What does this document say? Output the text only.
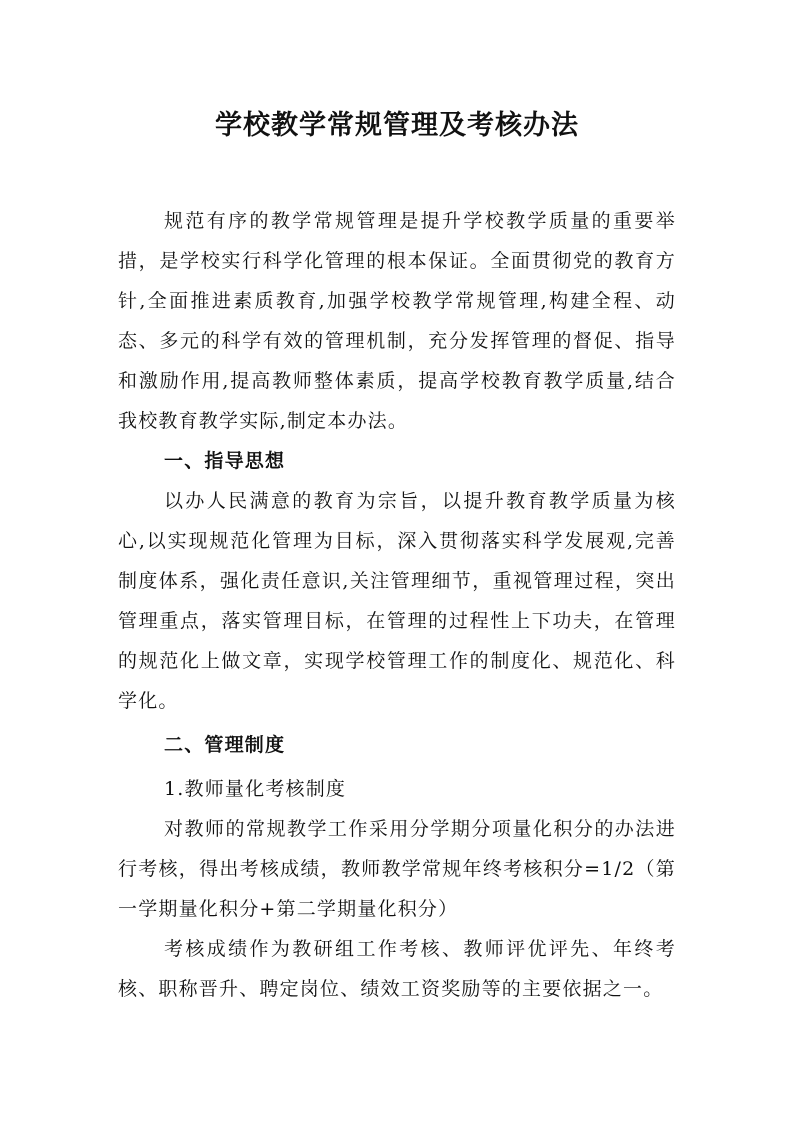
学校教学常规管理及考核办法

规范有序的教学常规管理是提升学校教学质量的重要举措，是学校实行科学化管理的根本保证。全面贯彻党的教育方针,全面推进素质教育,加强学校教学常规管理,构建全程、动态、多元的科学有效的管理机制，充分发挥管理的督促、指导和激励作用,提高教师整体素质，提高学校教育教学质量,结合我校教育教学实际,制定本办法。

一、指导思想

以办人民满意的教育为宗旨，以提升教育教学质量为核心,以实现规范化管理为目标，深入贯彻落实科学发展观,完善制度体系，强化责任意识,关注管理细节，重视管理过程，突出管理重点，落实管理目标，在管理的过程性上下功夫，在管理的规范化上做文章，实现学校管理工作的制度化、规范化、科学化。

二、管理制度

1.教师量化考核制度

对教师的常规教学工作采用分学期分项量化积分的办法进行考核，得出考核成绩，教师教学常规年终考核积分=1/2（第一学期量化积分+第二学期量化积分）

考核成绩作为教研组工作考核、教师评优评先、年终考核、职称晋升、聘定岗位、绩效工资奖励等的主要依据之一。
